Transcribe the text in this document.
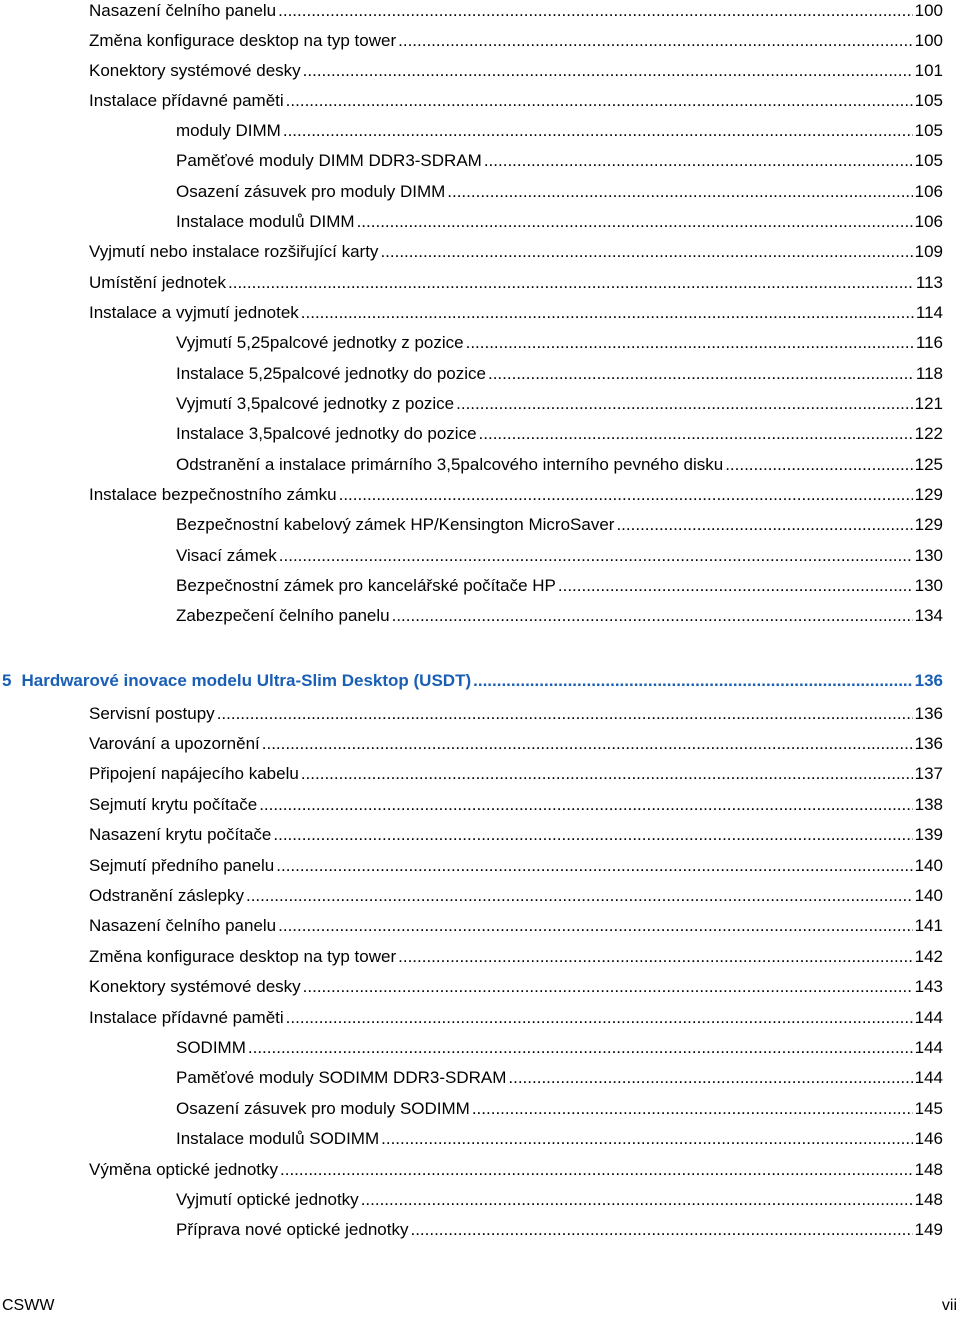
Nasazení čelního panelu .....	100
Změna konfigurace desktop na typ tower .....	100
Konektory systémové desky .....	101
Instalace přídavné paměti .....	105
moduly DIMM .....	105
Paměťové moduly DIMM DDR3-SDRAM .....	105
Osazení zásuvek pro moduly DIMM .....	106
Instalace modulů DIMM .....	106
Vyjmutí nebo instalace rozšiřující karty .....	109
Umístění jednotek .....	113
Instalace a vyjmutí jednotek .....	114
Vyjmutí 5,25palcové jednotky z pozice .....	116
Instalace 5,25palcové jednotky do pozice .....	118
Vyjmutí 3,5palcové jednotky z pozice .....	121
Instalace 3,5palcové jednotky do pozice .....	122
Odstranění a instalace primárního 3,5palcového interního pevného disku .....	125
Instalace bezpečnostního zámku .....	129
Bezpečnostní kabelový zámek HP/Kensington MicroSaver .....	129
Visací zámek .....	130
Bezpečnostní zámek pro kancelářské počítače HP .....	130
Zabezpečení čelního panelu .....	134
5 Hardwarové inovace modelu Ultra-Slim Desktop (USDT) .....	136
Servisní postupy .....	136
Varování a upozornění .....	136
Připojení napájecího kabelu .....	137
Sejmutí krytu počítače .....	138
Nasazení krytu počítače .....	139
Sejmutí předního panelu .....	140
Odstranění záslepky .....	140
Nasazení čelního panelu .....	141
Změna konfigurace desktop na typ tower .....	142
Konektory systémové desky .....	143
Instalace přídavné paměti .....	144
SODIMM .....	144
Paměťové moduly SODIMM DDR3-SDRAM .....	144
Osazení zásuvek pro moduly SODIMM .....	145
Instalace modulů SODIMM .....	146
Výměna optické jednotky .....	148
Vyjmutí optické jednotky .....	148
Příprava nové optické jednotky .....	149
CSWW	vii
